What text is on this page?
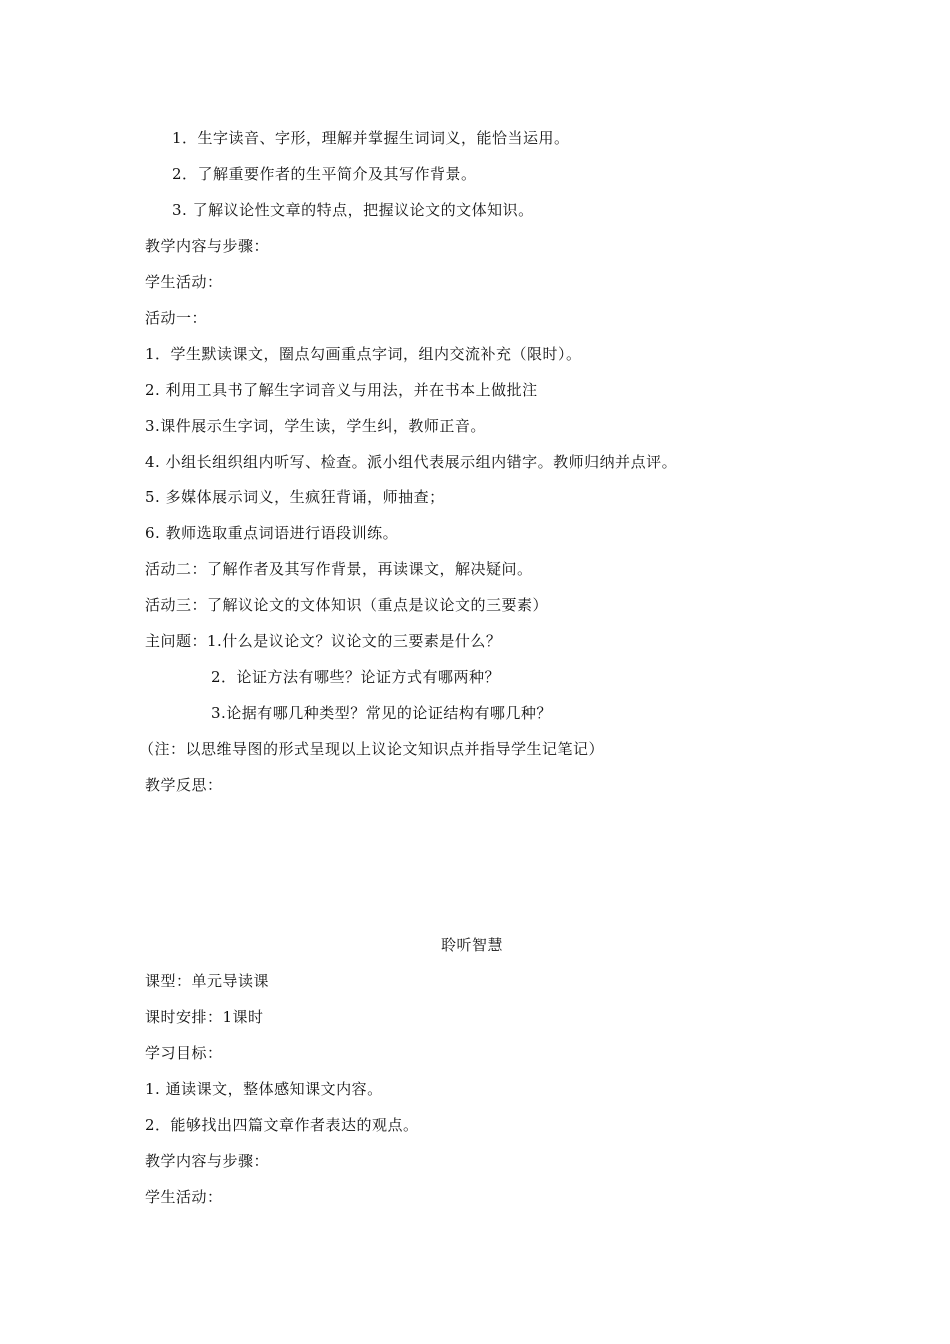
1．生字读音、字形，理解并掌握生词词义，能恰当运用。
2．了解重要作者的生平简介及其写作背景。
3. 了解议论性文章的特点，把握议论文的文体知识。
教学内容与步骤：
学生活动：
活动一：
1．学生默读课文，圈点勾画重点字词，组内交流补充（限时）。
2. 利用工具书了解生字词音义与用法，并在书本上做批注
3.课件展示生字词，学生读，学生纠，教师正音。
4. 小组长组织组内听写、检查。派小组代表展示组内错字。教师归纳并点评。
5. 多媒体展示词义，生疯狂背诵，师抽查；
6. 教师选取重点词语进行语段训练。
活动二：了解作者及其写作背景，再读课文，解决疑问。
活动三：了解议论文的文体知识（重点是议论文的三要素）
主问题：1.什么是议论文？议论文的三要素是什么？
2．论证方法有哪些？论证方式有哪两种？
3.论据有哪几种类型？常见的论证结构有哪几种？
（注：以思维导图的形式呈现以上议论文知识点并指导学生记笔记）
教学反思：
聆听智慧
课型：单元导读课
课时安排：1课时
学习目标：
1. 通读课文，整体感知课文内容。
2．能够找出四篇文章作者表达的观点。
教学内容与步骤：
学生活动：
